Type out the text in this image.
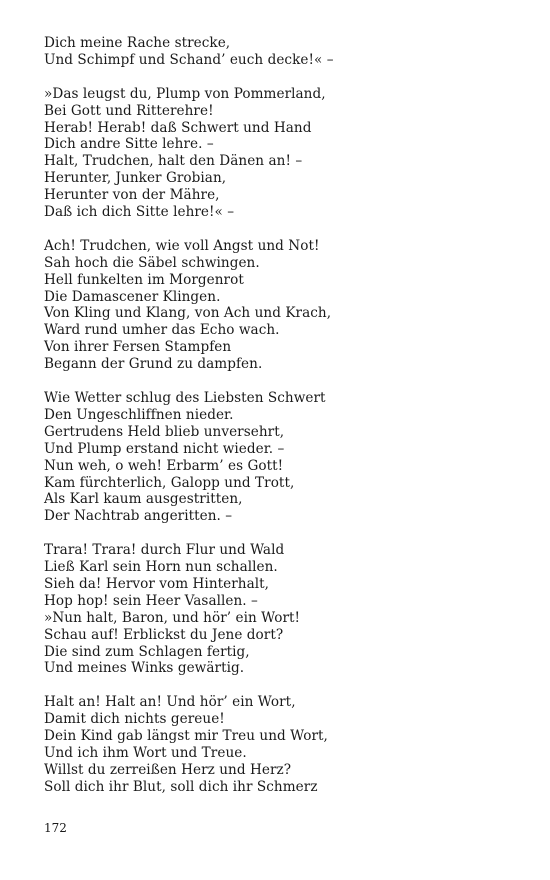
Dich meine Rache strecke,
Und Schimpf und Schand’ euch decke!« –
»Das leugst du, Plump von Pommerland,
Bei Gott und Ritterehre!
Herab! Herab! daß Schwert und Hand
Dich andre Sitte lehre. –
Halt, Trudchen, halt den Dänen an! –
Herunter, Junker Grobian,
Herunter von der Mähre,
Daß ich dich Sitte lehre!« –
Ach! Trudchen, wie voll Angst und Not!
Sah hoch die Säbel schwingen.
Hell funkelten im Morgenrot
Die Damascener Klingen.
Von Kling und Klang, von Ach und Krach,
Ward rund umher das Echo wach.
Von ihrer Fersen Stampfen
Begann der Grund zu dampfen.
Wie Wetter schlug des Liebsten Schwert
Den Ungeschliffnen nieder.
Gertrudens Held blieb unversehrt,
Und Plump erstand nicht wieder. –
Nun weh, o weh! Erbarm’ es Gott!
Kam fürchterlich, Galopp und Trott,
Als Karl kaum ausgestritten,
Der Nachtrab angeritten. –
Trara! Trara! durch Flur und Wald
Ließ Karl sein Horn nun schallen.
Sieh da! Hervor vom Hinterhalt,
Hop hop! sein Heer Vasallen. –
»Nun halt, Baron, und hör’ ein Wort!
Schau auf! Erblickst du Jene dort?
Die sind zum Schlagen fertig,
Und meines Winks gewärtig.
Halt an! Halt an! Und hör’ ein Wort,
Damit dich nichts gereue!
Dein Kind gab längst mir Treu und Wort,
Und ich ihm Wort und Treue.
Willst du zerreißen Herz und Herz?
Soll dich ihr Blut, soll dich ihr Schmerz
172
